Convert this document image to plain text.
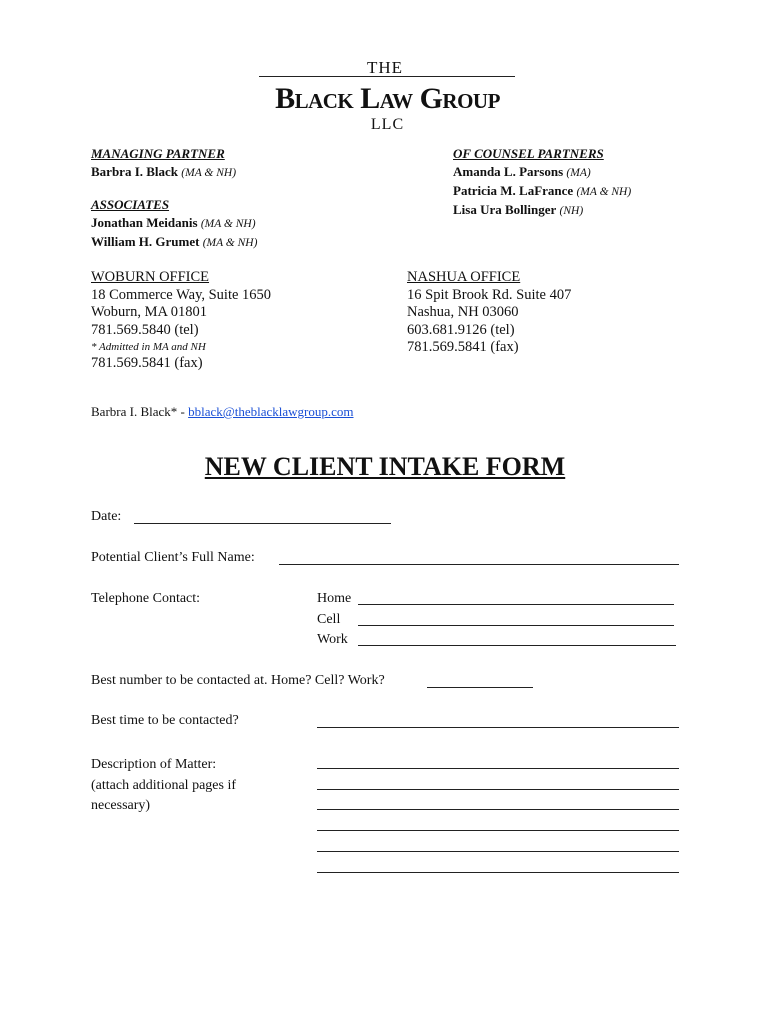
THE
Black Law Group
LLC
MANAGING PARTNER
Barbra I. Black (MA & NH)
ASSOCIATES
Jonathan Meidanis (MA & NH)
William H. Grumet (MA & NH)
OF COUNSEL PARTNERS
Amanda L. Parsons (MA)
Patricia M. LaFrance (MA & NH)
Lisa Ura Bollinger (NH)
WOBURN OFFICE
18 Commerce Way, Suite 1650
Woburn, MA 01801
781.569.5840 (tel)
* Admitted in MA and NH
781.569.5841 (fax)
NASHUA OFFICE
16 Spit Brook Rd. Suite 407
Nashua, NH 03060
603.681.9126 (tel)
781.569.5841 (fax)
Barbra I. Black* - bblack@theblacklawgroup.com
NEW CLIENT INTAKE FORM
Date:
Potential Client’s Full Name:
Telephone Contact:	Home
Cell
Work
Best number to be contacted at. Home? Cell? Work?
Best time to be contacted?
Description of Matter:
(attach additional pages if
necessary)
